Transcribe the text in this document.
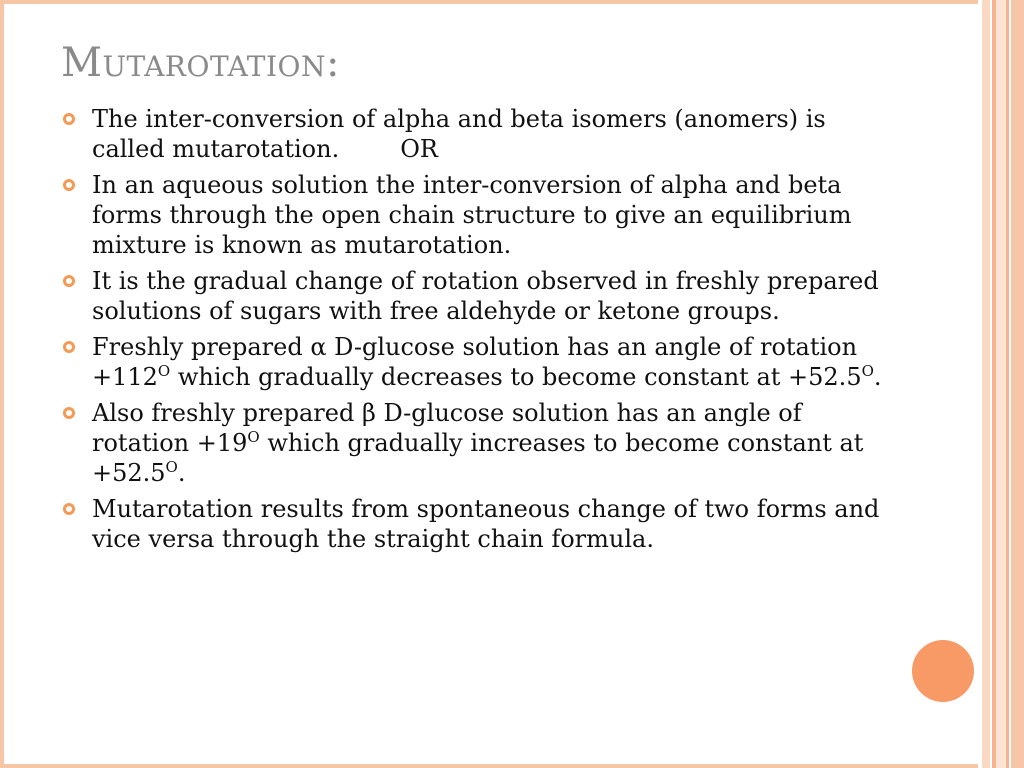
Mutarotation:
The inter-conversion of alpha and beta isomers (anomers) is called mutarotation.        OR
In an aqueous solution the inter-conversion of alpha and beta forms through the open chain structure to give an equilibrium mixture is known as mutarotation.
It is the gradual change of rotation observed in freshly prepared solutions of sugars with free aldehyde or ketone groups.
Freshly prepared α D-glucose solution has an angle of rotation $+112^O$ which gradually decreases to become constant at $+52.5^O$.
Also freshly prepared β D-glucose solution has an angle of rotation $+19^O$ which gradually increases to become constant at $+52.5^O$.
Mutarotation results from spontaneous change of two forms and vice versa through the straight chain formula.
